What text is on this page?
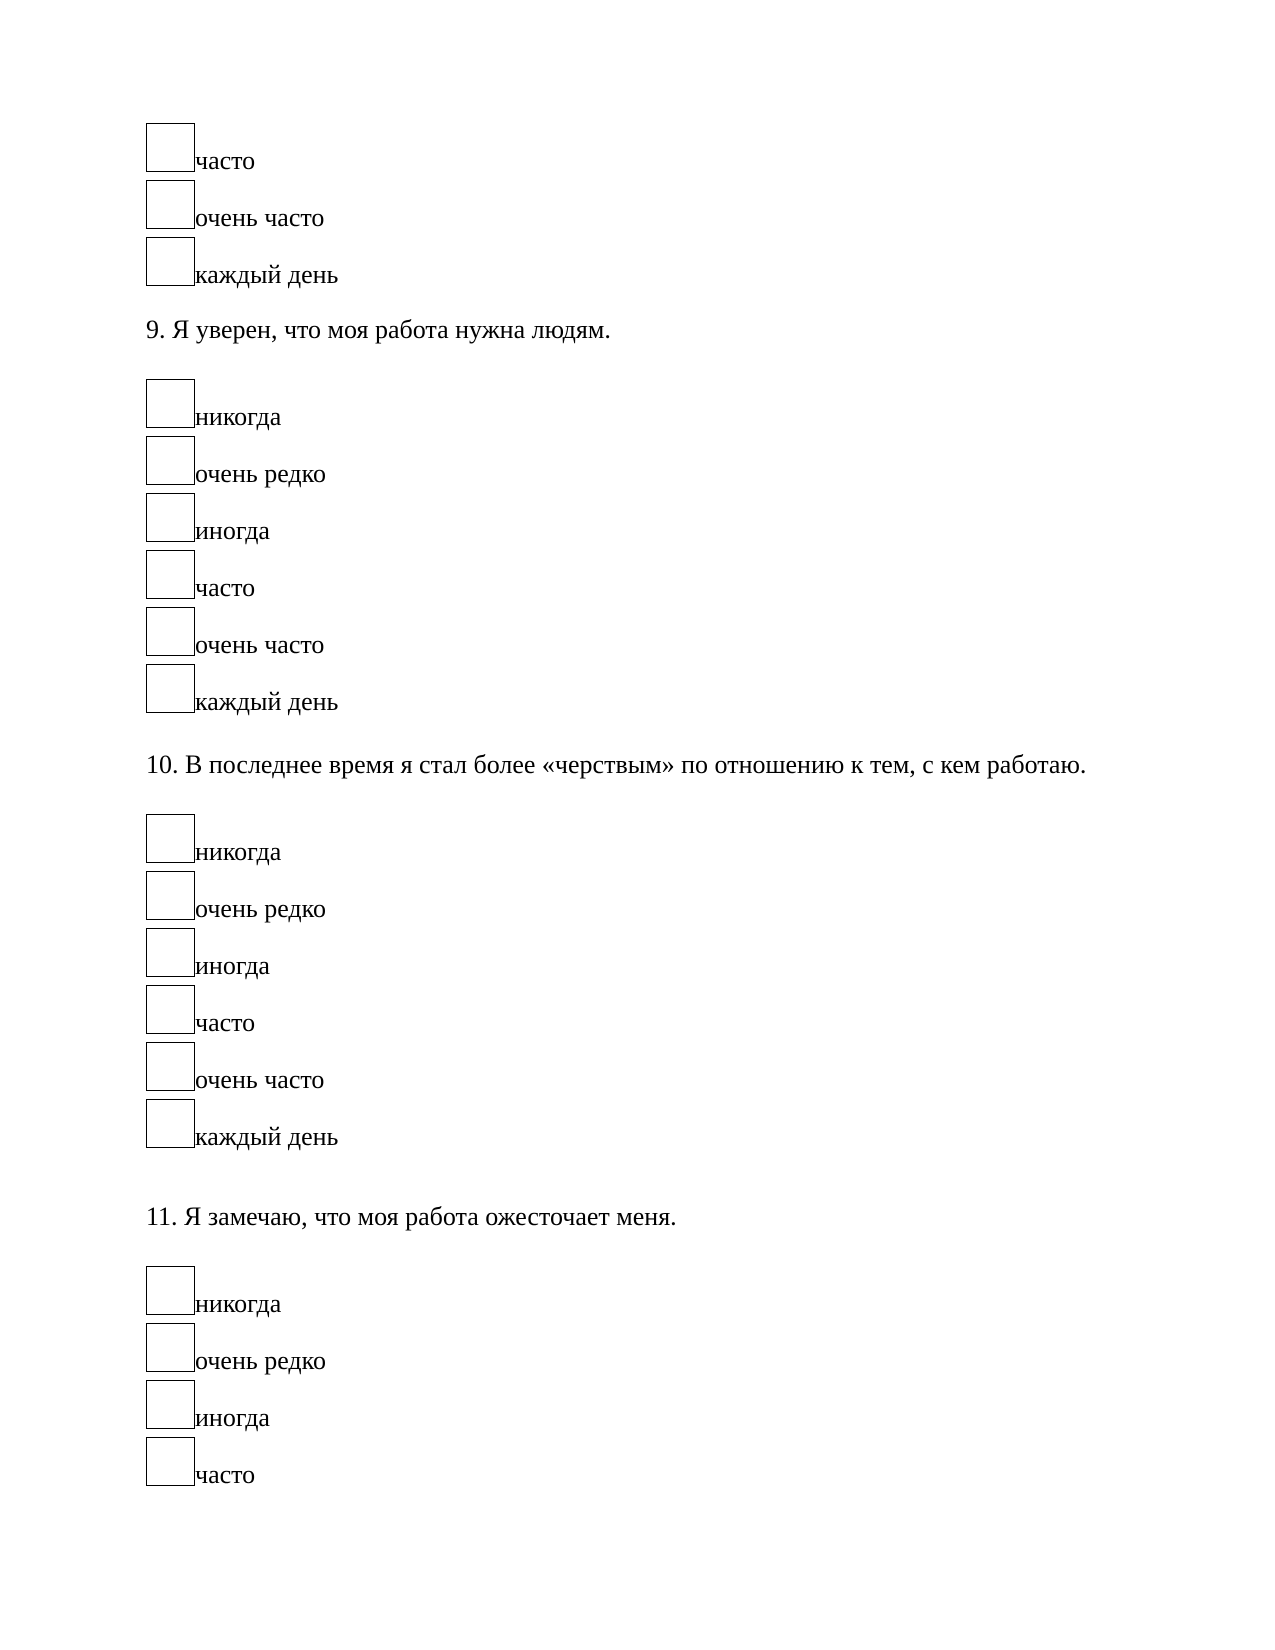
часто
очень часто
каждый день
9. Я уверен, что моя работа нужна людям.
никогда
очень редко
иногда
часто
очень часто
каждый день
10. В последнее время я стал более «черствым» по отношению к тем, с кем работаю.
никогда
очень редко
иногда
часто
очень часто
каждый день
11. Я замечаю, что моя работа ожесточает меня.
никогда
очень редко
иногда
часто
